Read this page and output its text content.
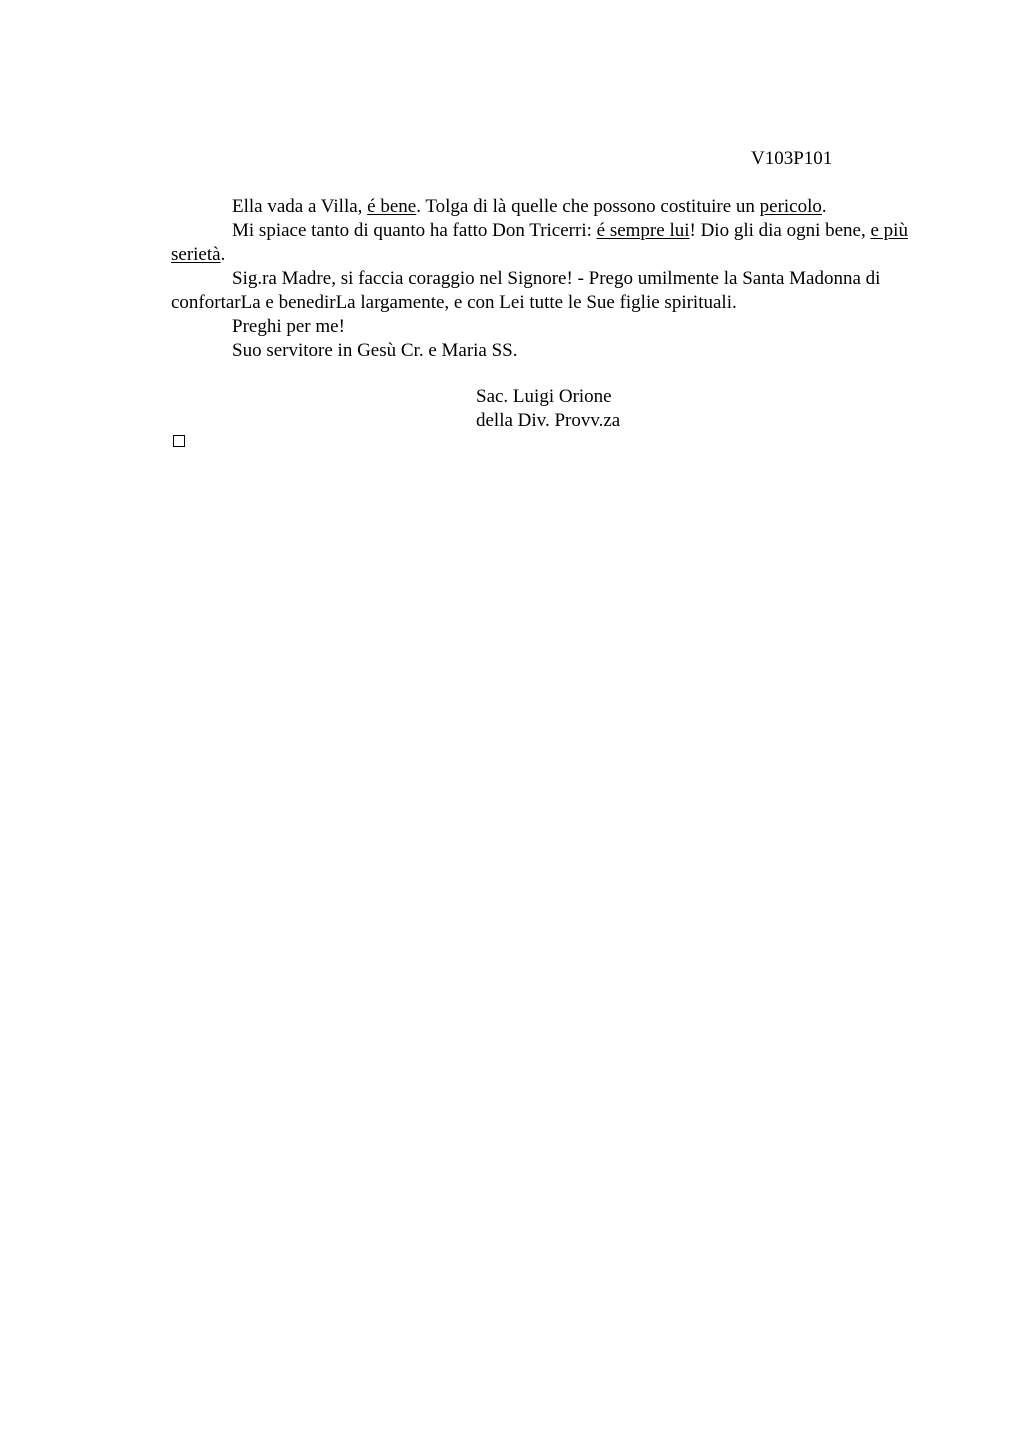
V103P101

Ella vada a Villa, é bene. Tolga di là quelle che possono costituire un pericolo.

Mi spiace tanto di quanto ha fatto Don Tricerri: é sempre lui! Dio gli dia ogni bene, e più serietà.

Sig.ra Madre, si faccia coraggio nel Signore! - Prego umilmente la Santa Madonna di confortarLa e benedirLa largamente, e con Lei tutte le Sue figlie spirituali.

Preghi per me!

Suo servitore in Gesù Cr. e Maria SS.

Sac. Luigi Orione
della Div. Provv.za
